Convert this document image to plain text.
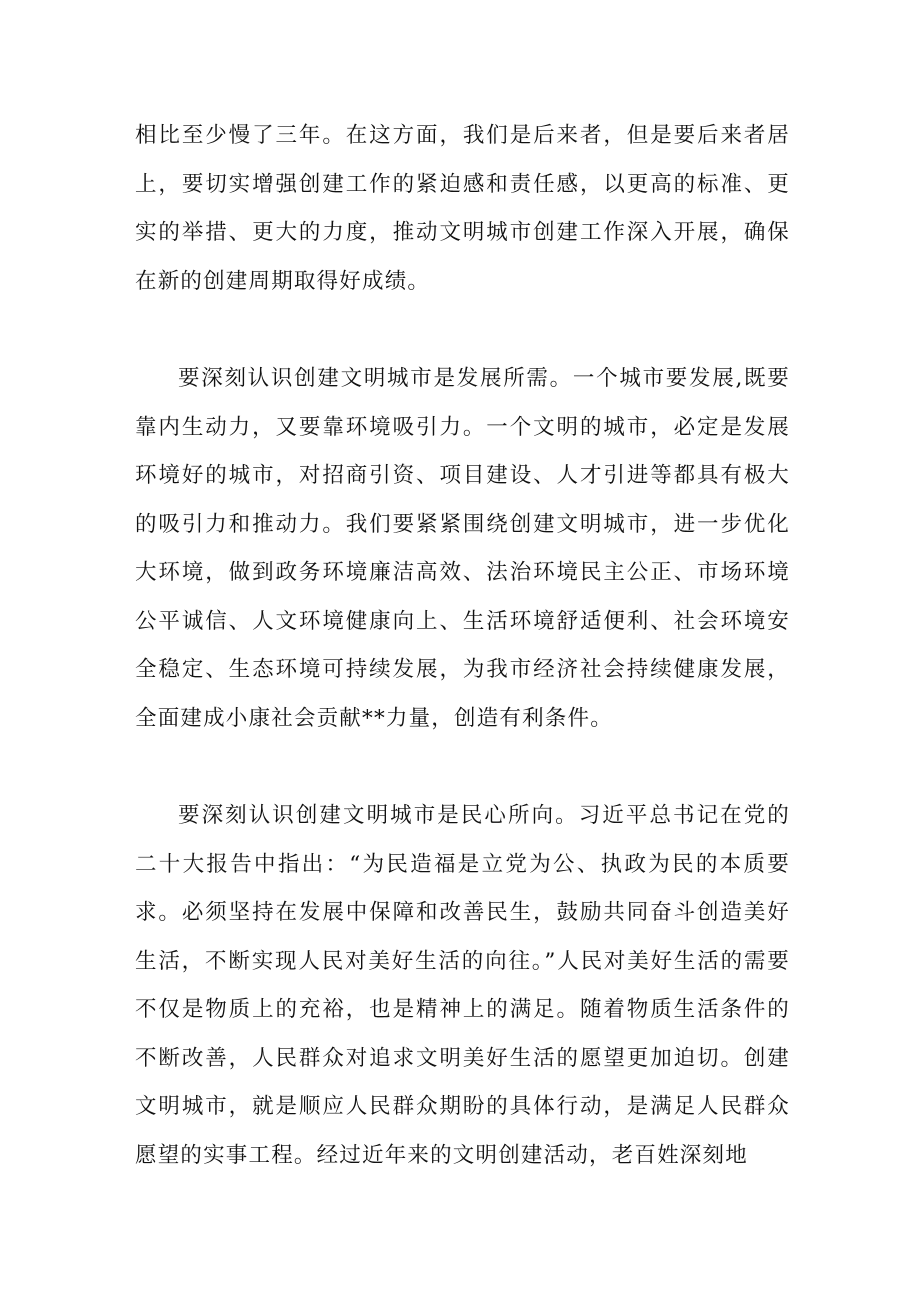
相比至少慢了三年。在这方面，我们是后来者，但是要后来者居上，要切实增强创建工作的紧迫感和责任感，以更高的标准、更实的举措、更大的力度，推动文明城市创建工作深入开展，确保在新的创建周期取得好成绩。

要深刻认识创建文明城市是发展所需。一个城市要发展,既要靠内生动力，又要靠环境吸引力。一个文明的城市，必定是发展环境好的城市，对招商引资、项目建设、人才引进等都具有极大的吸引力和推动力。我们要紧紧围绕创建文明城市，进一步优化大环境，做到政务环境廉洁高效、法治环境民主公正、市场环境公平诚信、人文环境健康向上、生活环境舒适便利、社会环境安全稳定、生态环境可持续发展，为我市经济社会持续健康发展，全面建成小康社会贡献**力量，创造有利条件。

要深刻认识创建文明城市是民心所向。习近平总书记在党的二十大报告中指出：“为民造福是立党为公、执政为民的本质要求。必须坚持在发展中保障和改善民生，鼓励共同奋斗创造美好生活，不断实现人民对美好生活的向往。”人民对美好生活的需要不仅是物质上的充裕，也是精神上的满足。随着物质生活条件的不断改善，人民群众对追求文明美好生活的愿望更加迫切。创建文明城市，就是顺应人民群众期盼的具体行动，是满足人民群众愿望的实事工程。经过近年来的文明创建活动，老百姓深刻地
